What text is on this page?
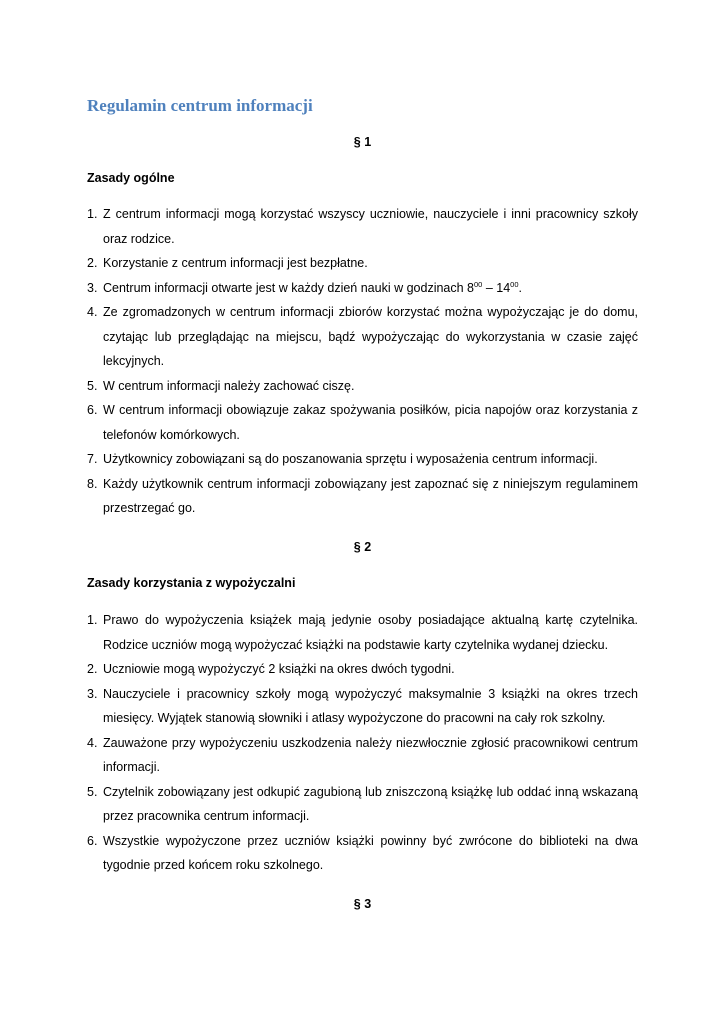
Regulamin centrum informacji
§ 1
Zasady ogólne
1. Z centrum informacji mogą korzystać wszyscy uczniowie, nauczyciele i inni pracownicy szkoły oraz rodzice.
2. Korzystanie z centrum informacji jest bezpłatne.
3. Centrum informacji otwarte jest w każdy dzień nauki w godzinach $8^{00} - 14^{00}$.
4. Ze zgromadzonych w centrum informacji zbiorów korzystać można wypożyczając je do domu, czytając lub przeglądając na miejscu, bądź wypożyczając do wykorzystania w czasie zajęć lekcyjnych.
5. W centrum informacji należy zachować ciszę.
6. W centrum informacji obowiązuje zakaz spożywania posiłków, picia napojów oraz korzystania z telefonów komórkowych.
7. Użytkownicy zobowiązani są do poszanowania sprzętu i wyposażenia centrum informacji.
8. Każdy użytkownik centrum informacji zobowiązany jest zapoznać się z niniejszym regulaminem przestrzegać go.
§ 2
Zasady korzystania z wypożyczalni
1. Prawo do wypożyczenia książek mają jedynie osoby posiadające aktualną kartę czytelnika. Rodzice uczniów mogą wypożyczać książki na podstawie karty czytelnika wydanej dziecku.
2. Uczniowie mogą wypożyczyć 2 książki na okres dwóch tygodni.
3. Nauczyciele i pracownicy szkoły mogą wypożyczyć maksymalnie 3 książki na okres trzech miesięcy. Wyjątek stanowią słowniki i atlasy wypożyczone do pracowni na cały rok szkolny.
4. Zauważone przy wypożyczeniu uszkodzenia należy niezwłocznie zgłosić pracownikowi centrum informacji.
5. Czytelnik zobowiązany jest odkupić zagubioną lub zniszczoną książkę lub oddać inną wskazaną przez pracownika centrum informacji.
6. Wszystkie wypożyczone przez uczniów książki powinny być zwrócone do biblioteki na dwa tygodnie przed końcem roku szkolnego.
§ 3
